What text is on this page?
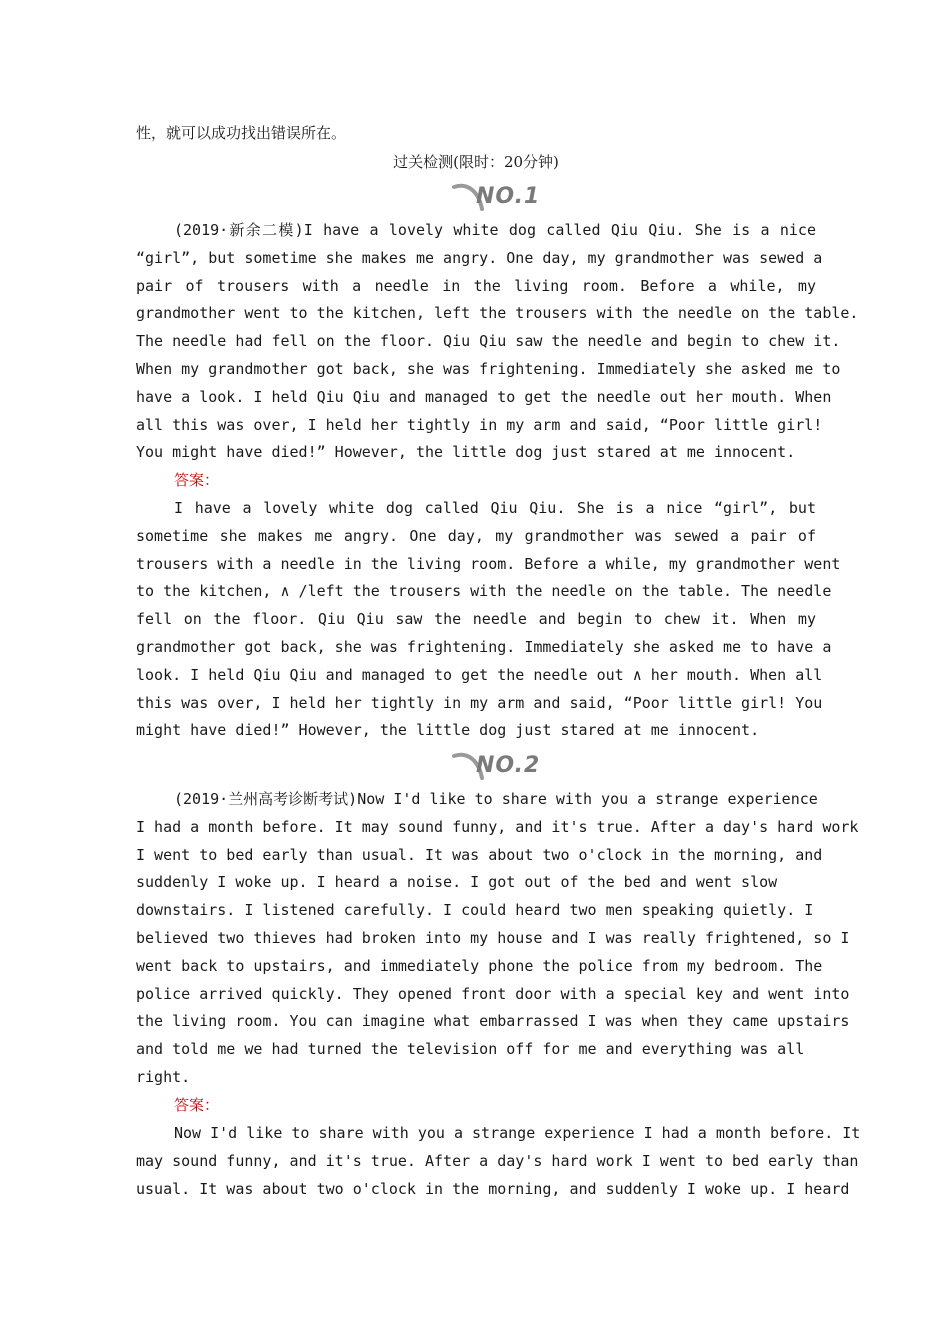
性，就可以成功找出错误所在。
过关检测(限时：20分钟)
NO.1
(2019·新余二模)I have a lovely white dog called Qiu Qiu. She is a nice
“girl”, but sometime she makes me angry. One day, my grandmother was sewed a
pair of trousers with a needle in the living room. Before a while, my
grandmother went to the kitchen, left the trousers with the needle on the table.
The needle had fell on the floor. Qiu Qiu saw the needle and begin to chew it.
When my grandmother got back, she was frightening. Immediately she asked me to
have a look. I held Qiu Qiu and managed to get the needle out her mouth. When
all this was over, I held her tightly in my arm and said, “Poor little girl!
You might have died!” However, the little dog just stared at me innocent.
答案：
I have a lovely white dog called Qiu Qiu. She is a nice “girl”, but
sometime she makes me angry. One day, my grandmother was sewed a pair of
trousers with a needle in the living room. Before a while, my grandmother went
to the kitchen, ∧ /left the trousers with the needle on the table. The needle
fell on the floor. Qiu Qiu saw the needle and begin to chew it. When my
grandmother got back, she was frightening. Immediately she asked me to have a
look. I held Qiu Qiu and managed to get the needle out ∧ her mouth. When all
this was over, I held her tightly in my arm and said, “Poor little girl! You
might have died!” However, the little dog just stared at me innocent.
NO.2
(2019·兰州高考诊断考试)Now I'd like to share with you a strange experience
I had a month before. It may sound funny, and it's true. After a day's hard work
I went to bed early than usual. It was about two o'clock in the morning, and
suddenly I woke up. I heard a noise. I got out of the bed and went slow
downstairs. I listened carefully. I could heard two men speaking quietly. I
believed two thieves had broken into my house and I was really frightened, so I
went back to upstairs, and immediately phone the police from my bedroom. The
police arrived quickly. They opened front door with a special key and went into
the living room. You can imagine what embarrassed I was when they came upstairs
and told me we had turned the television off for me and everything was all
right.
答案：
Now I'd like to share with you a strange experience I had a month before. It
may sound funny, and it's true. After a day's hard work I went to bed early than
usual. It was about two o'clock in the morning, and suddenly I woke up. I heard
